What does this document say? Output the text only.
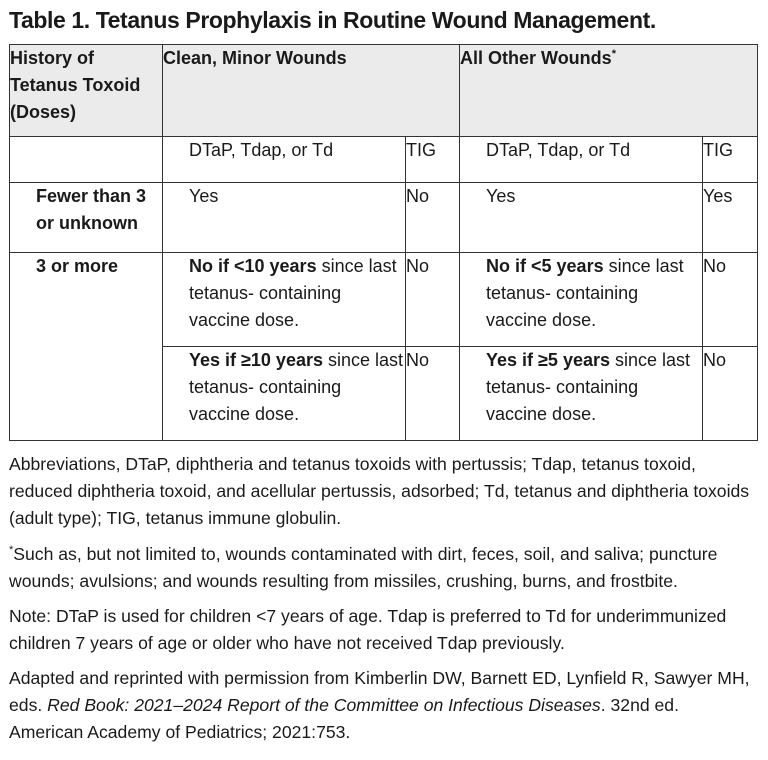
Table 1. Tetanus Prophylaxis in Routine Wound Management.
History of Tetanus Toxoid (Doses)	Clean, Minor Wounds		All Other Wounds*
	DTaP, Tdap, or Td	TIG	DTaP, Tdap, or Td	TIG
Fewer than 3 or unknown	Yes	No	Yes	Yes
3 or more	No if <10 years since last tetanus- containing vaccine dose.	No	No if <5 years since last tetanus- containing vaccine dose.	No
	Yes if ≥10 years since last tetanus- containing vaccine dose.	No	Yes if ≥5 years since last tetanus- containing vaccine dose.	No

Abbreviations, DTaP, diphtheria and tetanus toxoids with pertussis; Tdap, tetanus toxoid, reduced diphtheria toxoid, and acellular pertussis, adsorbed; Td, tetanus and diphtheria toxoids (adult type); TIG, tetanus immune globulin.

*Such as, but not limited to, wounds contaminated with dirt, feces, soil, and saliva; puncture wounds; avulsions; and wounds resulting from missiles, crushing, burns, and frostbite.

Note: DTaP is used for children <7 years of age. Tdap is preferred to Td for underimmunized children 7 years of age or older who have not received Tdap previously.

Adapted and reprinted with permission from Kimberlin DW, Barnett ED, Lynfield R, Sawyer MH, eds. Red Book: 2021–2024 Report of the Committee on Infectious Diseases. 32nd ed. American Academy of Pediatrics; 2021:753.
